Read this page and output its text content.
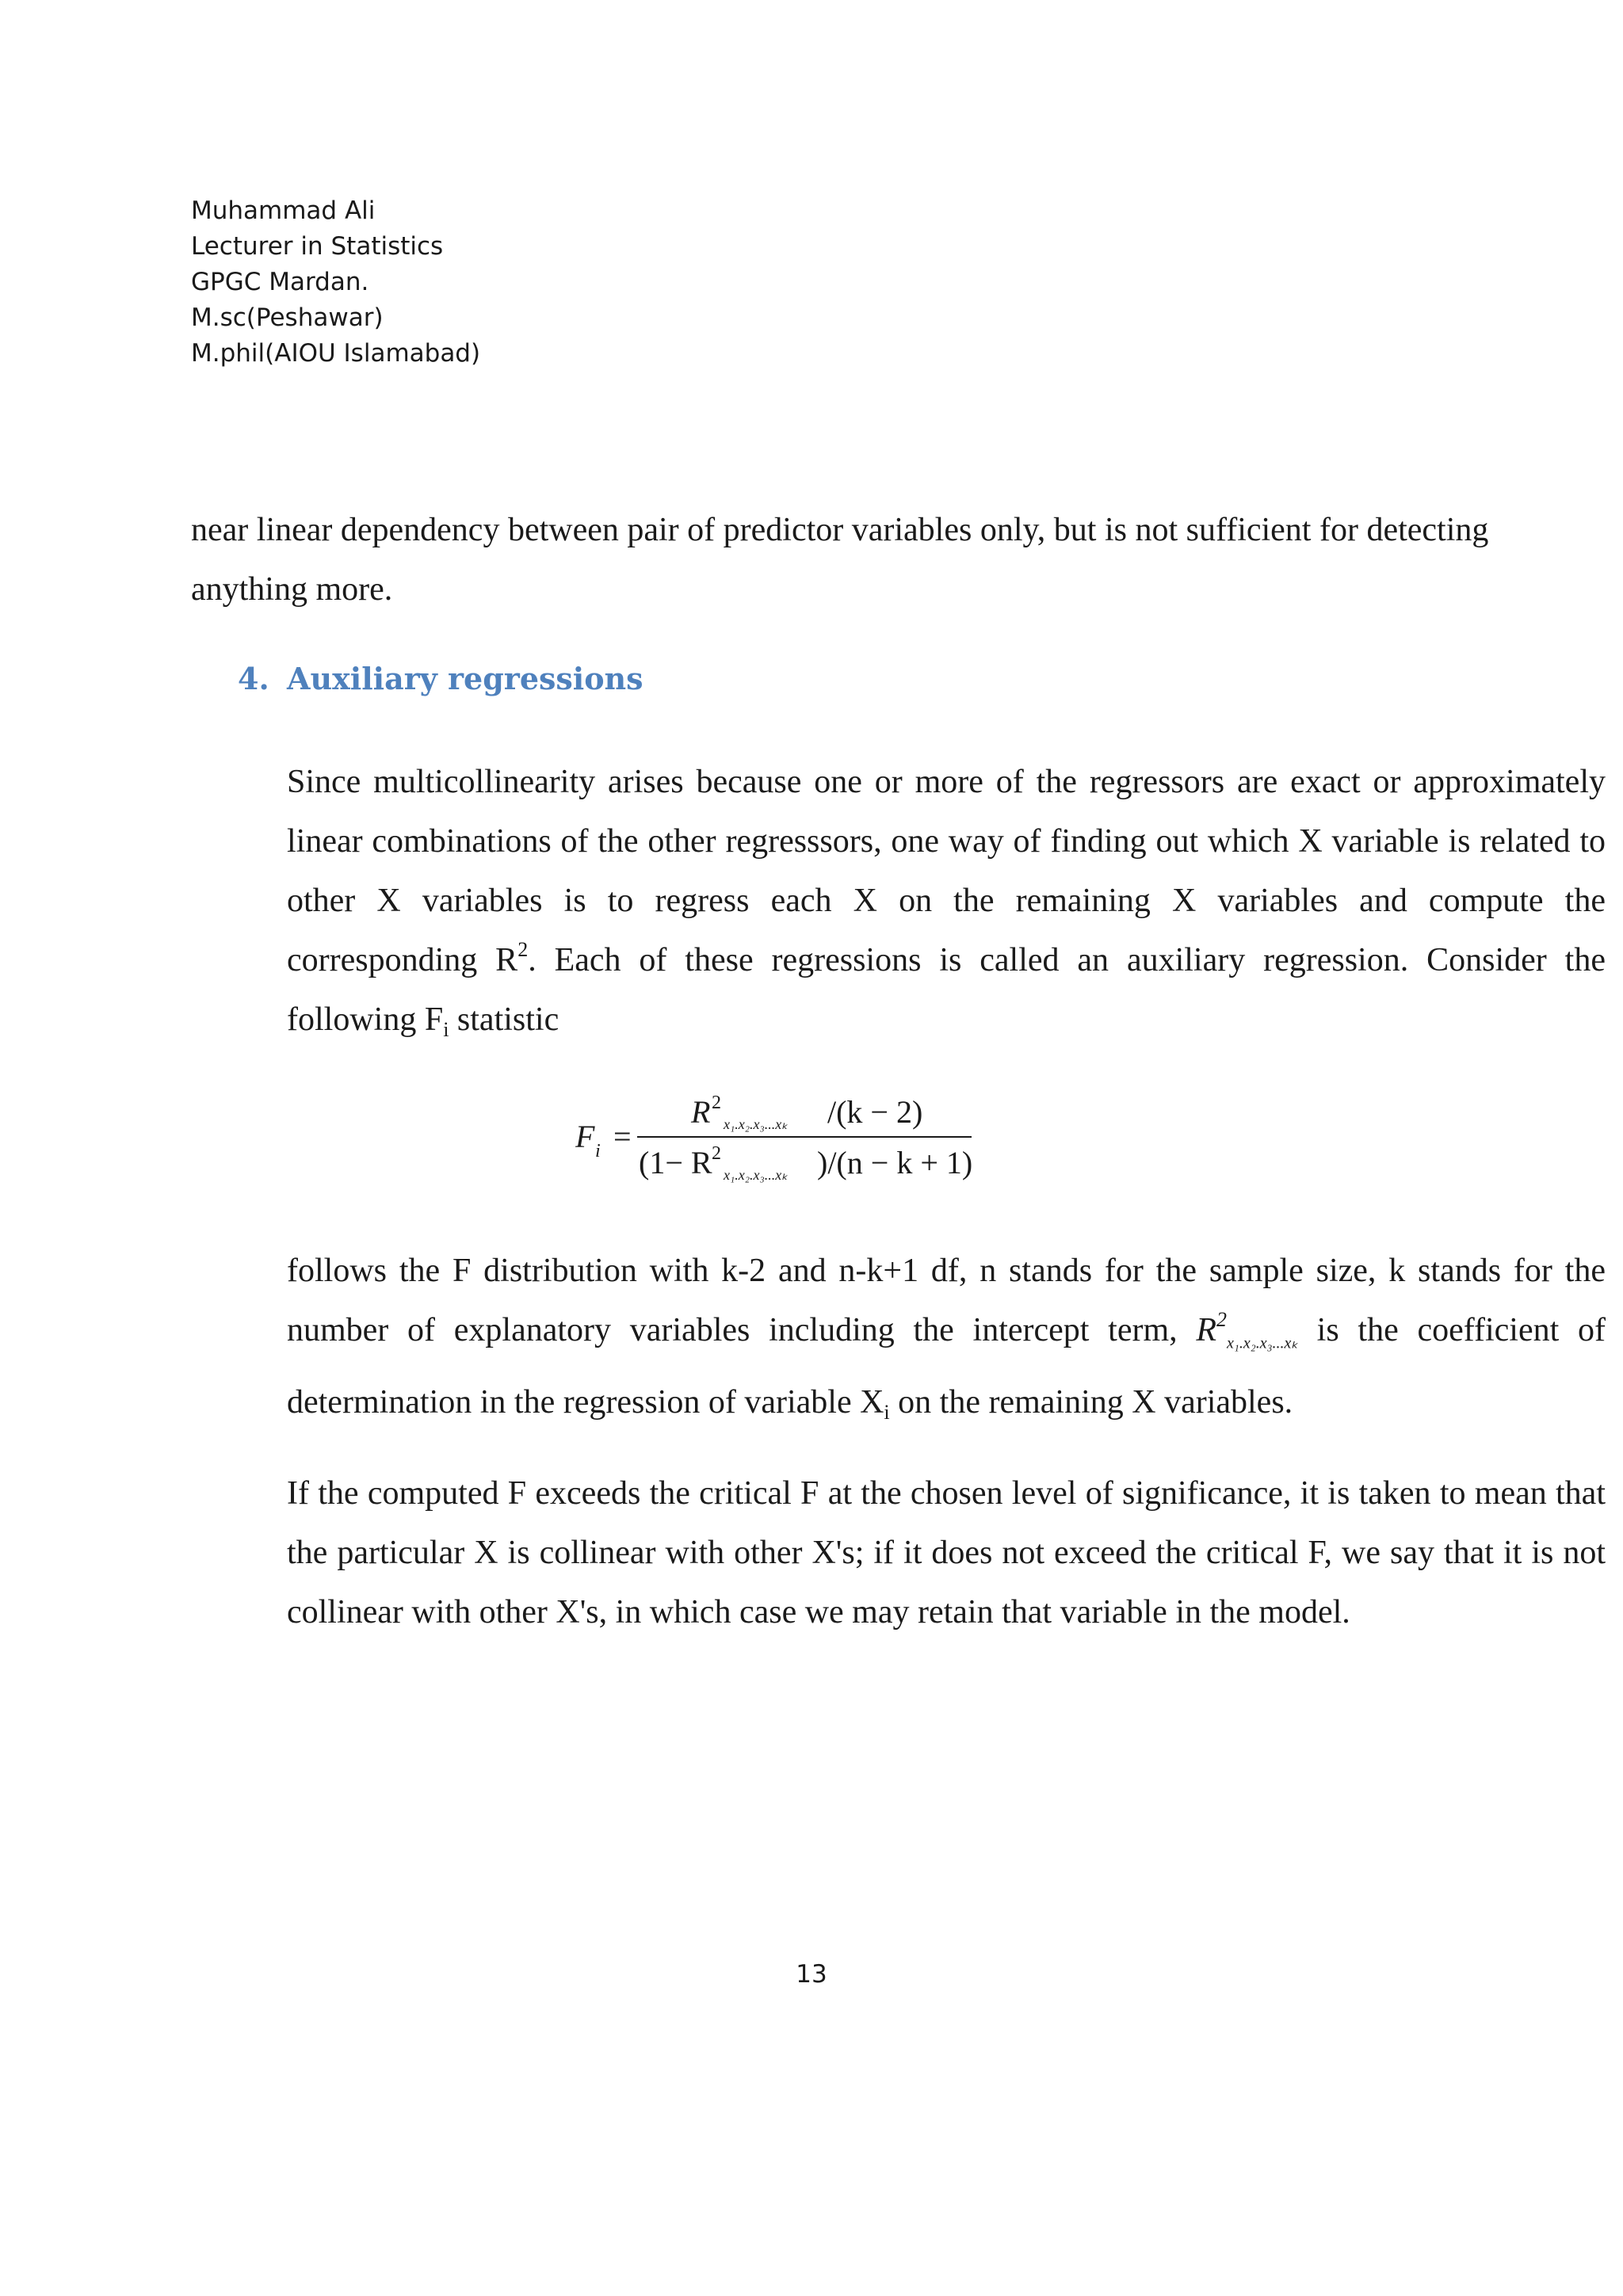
Muhammad Ali
Lecturer in Statistics
GPGC Mardan.
M.sc(Peshawar)
M.phil(AIOU Islamabad)
near linear dependency between pair of predictor variables only, but is not sufficient for detecting anything more.
4. Auxiliary regressions
Since multicollinearity arises because one or more of the regressors are exact or approximately linear combinations of the other regresssors, one way of finding out which X variable is related to other X variables is to regress each X on the remaining X variables and compute the corresponding $R^2$. Each of these regressions is called an auxiliary regression. Consider the following $F_i$ statistic
F i =
R 2
x₁.x₂.x₃...xₖ /(k − 2)
(1− R 2
x₁.x₂.x₃...xₖ )/(n − k + 1)
follows the F distribution with k-2 and n-k+1 df, n stands for the sample size, k stands for the number of explanatory variables including the intercept term, $R^2_{x_1.x_2.x_3...x_k}$ is the coefficient of determination in the regression of variable $X_i$ on the remaining X variables.
If the computed F exceeds the critical F at the chosen level of significance, it is taken to mean that the particular X is collinear with other X's; if it does not exceed the critical F, we say that it is not collinear with other X's, in which case we may retain that variable in the model.
13
